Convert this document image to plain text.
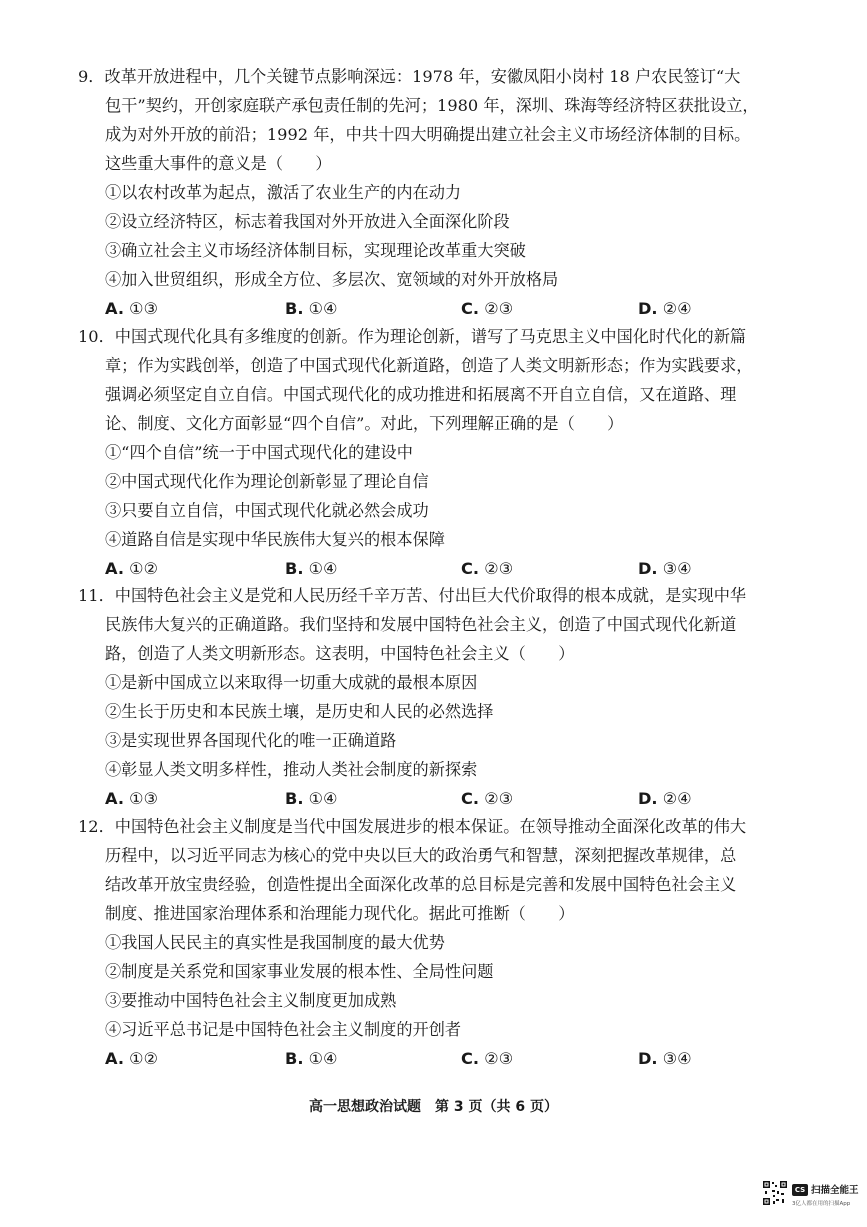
9．改革开放进程中，几个关键节点影响深远：1978 年，安徽凤阳小岗村 18 户农民签订“大
包干”契约，开创家庭联产承包责任制的先河；1980 年，深圳、珠海等经济特区获批设立，
成为对外开放的前沿；1992 年，中共十四大明确提出建立社会主义市场经济体制的目标。
这些重大事件的意义是（　　）
①以农村改革为起点，激活了农业生产的内在动力
②设立经济特区，标志着我国对外开放进入全面深化阶段
③确立社会主义市场经济体制目标，实现理论改革重大突破
④加入世贸组织，形成全方位、多层次、宽领域的对外开放格局
A. ①③	B. ①④	C. ②③	D. ②④
10．中国式现代化具有多维度的创新。作为理论创新，谱写了马克思主义中国化时代化的新篇
章；作为实践创举，创造了中国式现代化新道路，创造了人类文明新形态；作为实践要求，
强调必须坚定自立自信。中国式现代化的成功推进和拓展离不开自立自信，又在道路、理
论、制度、文化方面彰显“四个自信”。对此，下列理解正确的是（　　）
①“四个自信”统一于中国式现代化的建设中
②中国式现代化作为理论创新彰显了理论自信
③只要自立自信，中国式现代化就必然会成功
④道路自信是实现中华民族伟大复兴的根本保障
A. ①②	B. ①④	C. ②③	D. ③④
11．中国特色社会主义是党和人民历经千辛万苦、付出巨大代价取得的根本成就，是实现中华
民族伟大复兴的正确道路。我们坚持和发展中国特色社会主义，创造了中国式现代化新道
路，创造了人类文明新形态。这表明，中国特色社会主义（　　）
①是新中国成立以来取得一切重大成就的最根本原因
②生长于历史和本民族土壤，是历史和人民的必然选择
③是实现世界各国现代化的唯一正确道路
④彰显人类文明多样性，推动人类社会制度的新探索
A. ①③	B. ①④	C. ②③	D. ②④
12．中国特色社会主义制度是当代中国发展进步的根本保证。在领导推动全面深化改革的伟大
历程中，以习近平同志为核心的党中央以巨大的政治勇气和智慧，深刻把握改革规律，总
结改革开放宝贵经验，创造性提出全面深化改革的总目标是完善和发展中国特色社会主义
制度、推进国家治理体系和治理能力现代化。据此可推断（　　）
①我国人民民主的真实性是我国制度的最大优势
②制度是关系党和国家事业发展的根本性、全局性问题
③要推动中国特色社会主义制度更加成熟
④习近平总书记是中国特色社会主义制度的开创者
A. ①②	B. ①④	C. ②③	D. ③④
高一思想政治试题　第 3 页（共 6 页）
CS 扫描全能王
3亿人都在用的扫描App
